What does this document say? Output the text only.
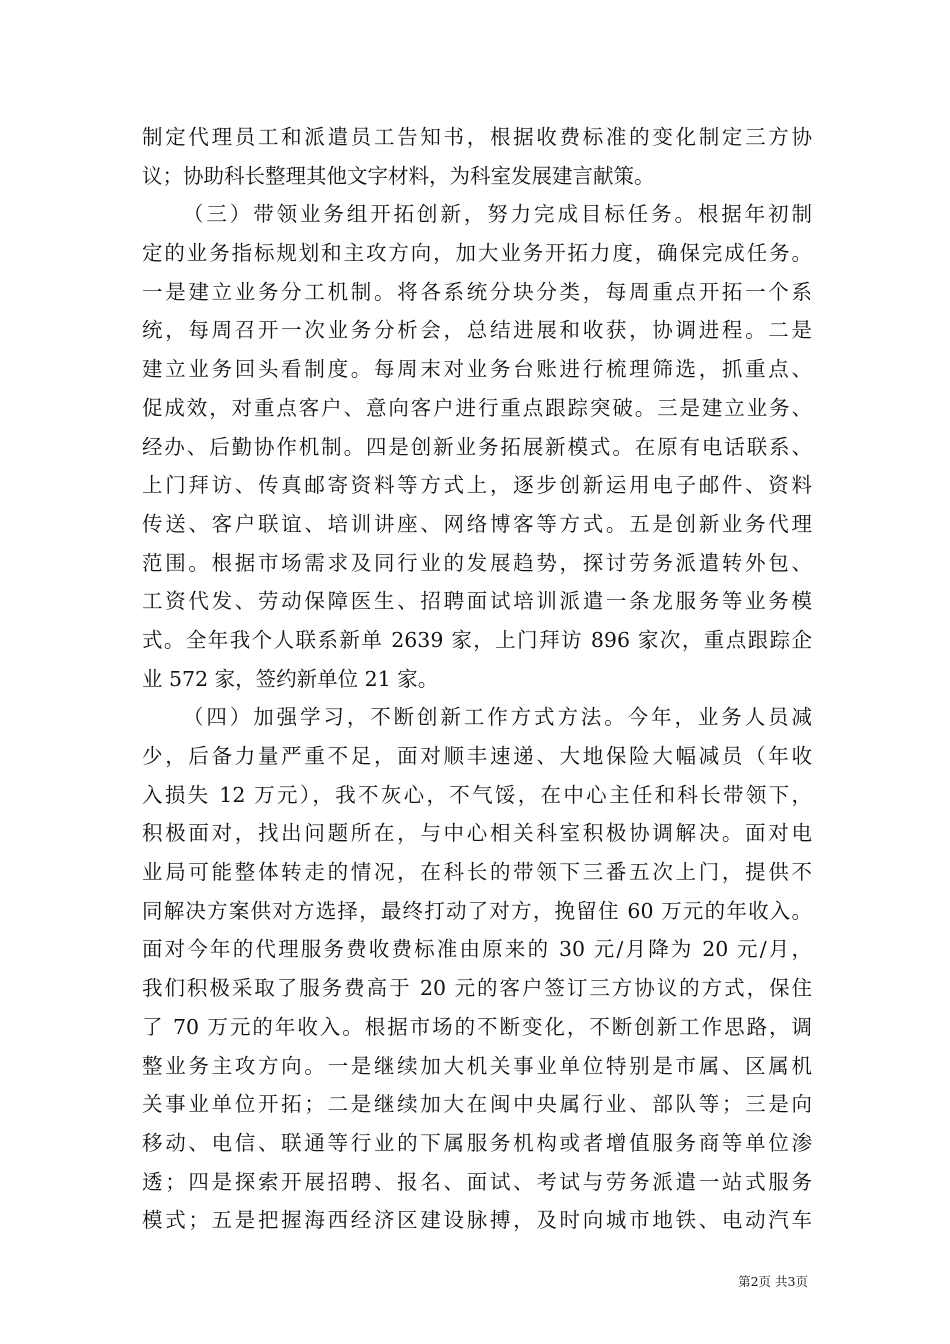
制定代理员工和派遣员工告知书，根据收费标准的变化制定三方协
议；协助科长整理其他文字材料，为科室发展建言献策。
（三）带领业务组开拓创新，努力完成目标任务。根据年初制
定的业务指标规划和主攻方向，加大业务开拓力度，确保完成任务。
一是建立业务分工机制。将各系统分块分类，每周重点开拓一个系
统，每周召开一次业务分析会，总结进展和收获，协调进程。二是
建立业务回头看制度。每周末对业务台账进行梳理筛选，抓重点、
促成效，对重点客户、意向客户进行重点跟踪突破。三是建立业务、
经办、后勤协作机制。四是创新业务拓展新模式。在原有电话联系、
上门拜访、传真邮寄资料等方式上，逐步创新运用电子邮件、资料
传送、客户联谊、培训讲座、网络博客等方式。五是创新业务代理
范围。根据市场需求及同行业的发展趋势，探讨劳务派遣转外包、
工资代发、劳动保障医生、招聘面试培训派遣一条龙服务等业务模
式。全年我个人联系新单 2639 家，上门拜访 896 家次，重点跟踪企
业 572 家，签约新单位 21 家。
（四）加强学习，不断创新工作方式方法。今年，业务人员减
少，后备力量严重不足，面对顺丰速递、大地保险大幅减员（年收
入损失 12 万元），我不灰心，不气馁，在中心主任和科长带领下，
积极面对，找出问题所在，与中心相关科室积极协调解决。面对电
业局可能整体转走的情况，在科长的带领下三番五次上门，提供不
同解决方案供对方选择，最终打动了对方，挽留住 60 万元的年收入。
面对今年的代理服务费收费标准由原来的 30 元/月降为 20 元/月，
我们积极采取了服务费高于 20 元的客户签订三方协议的方式，保住
了 70 万元的年收入。根据市场的不断变化，不断创新工作思路，调
整业务主攻方向。一是继续加大机关事业单位特别是市属、区属机
关事业单位开拓；二是继续加大在闽中央属行业、部队等；三是向
移动、电信、联通等行业的下属服务机构或者增值服务商等单位渗
透；四是探索开展招聘、报名、面试、考试与劳务派遣一站式服务
模式；五是把握海西经济区建设脉搏，及时向城市地铁、电动汽车
第2页 共3页
